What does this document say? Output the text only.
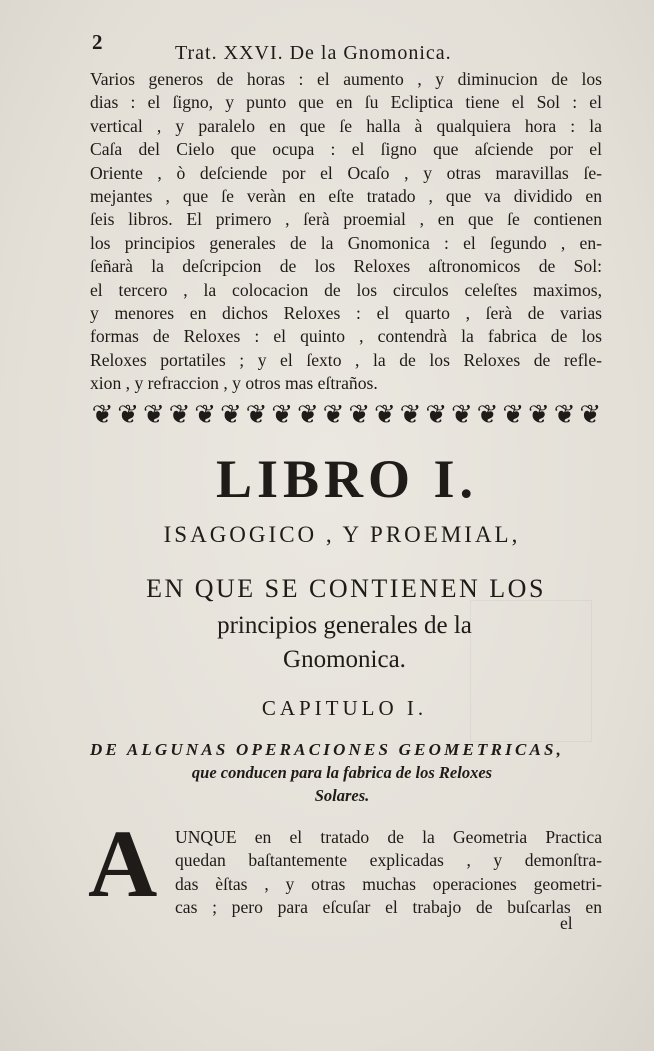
2	Trat. XXVI. De la Gnomonica.
Varios generos de horas : el aumento , y diminucion de los
dias : el ſigno, y punto que en ſu Ecliptica tiene el Sol : el
vertical , y paralelo en que ſe halla à qualquiera hora : la
Caſa del Cielo que ocupa : el ſigno que aſciende por el
Oriente , ò deſciende por el Ocaſo , y otras maravillas ſe-
mejantes , que ſe veràn en eſte tratado , que va dividido en
ſeis libros. El primero , ſerà proemial , en que ſe contienen
los principios generales de la Gnomonica : el ſegundo , en-
ſeñarà la deſcripcion de los Reloxes aſtronomicos de Sol:
el tercero , la colocacion de los circulos celeſtes maximos,
y menores en dichos Reloxes : el quarto , ſerà de varias
formas de Reloxes : el quinto , contendrà la fabrica de los
Reloxes portatiles ; y el ſexto , la de los Reloxes de refle-
xion , y refraccion , y otros mas eſtraños.
❦ ❦ ❦ ❦ ❦ ❦ ❦ ❦ ❦ ❦ ❦ ❦ ❦ ❦ ❦ ❦ ❦ ❦ ❦ ❦
LIBRO I.
ISAGOGICO , Y PROEMIAL,
EN QUE SE CONTIENEN LOS
principios generales de la
Gnomonica.
CAPITULO I.
DE ALGUNAS OPERACIONES GEOMETRICAS,
que conducen para la fabrica de los Reloxes
Solares.
A UNQUE en el tratado de la Geometria Practica
quedan baſtantemente explicadas , y demonſtra-
das èſtas , y otras muchas operaciones geometri-
cas ; pero para eſcuſar el trabajo de buſcarlas en
el
